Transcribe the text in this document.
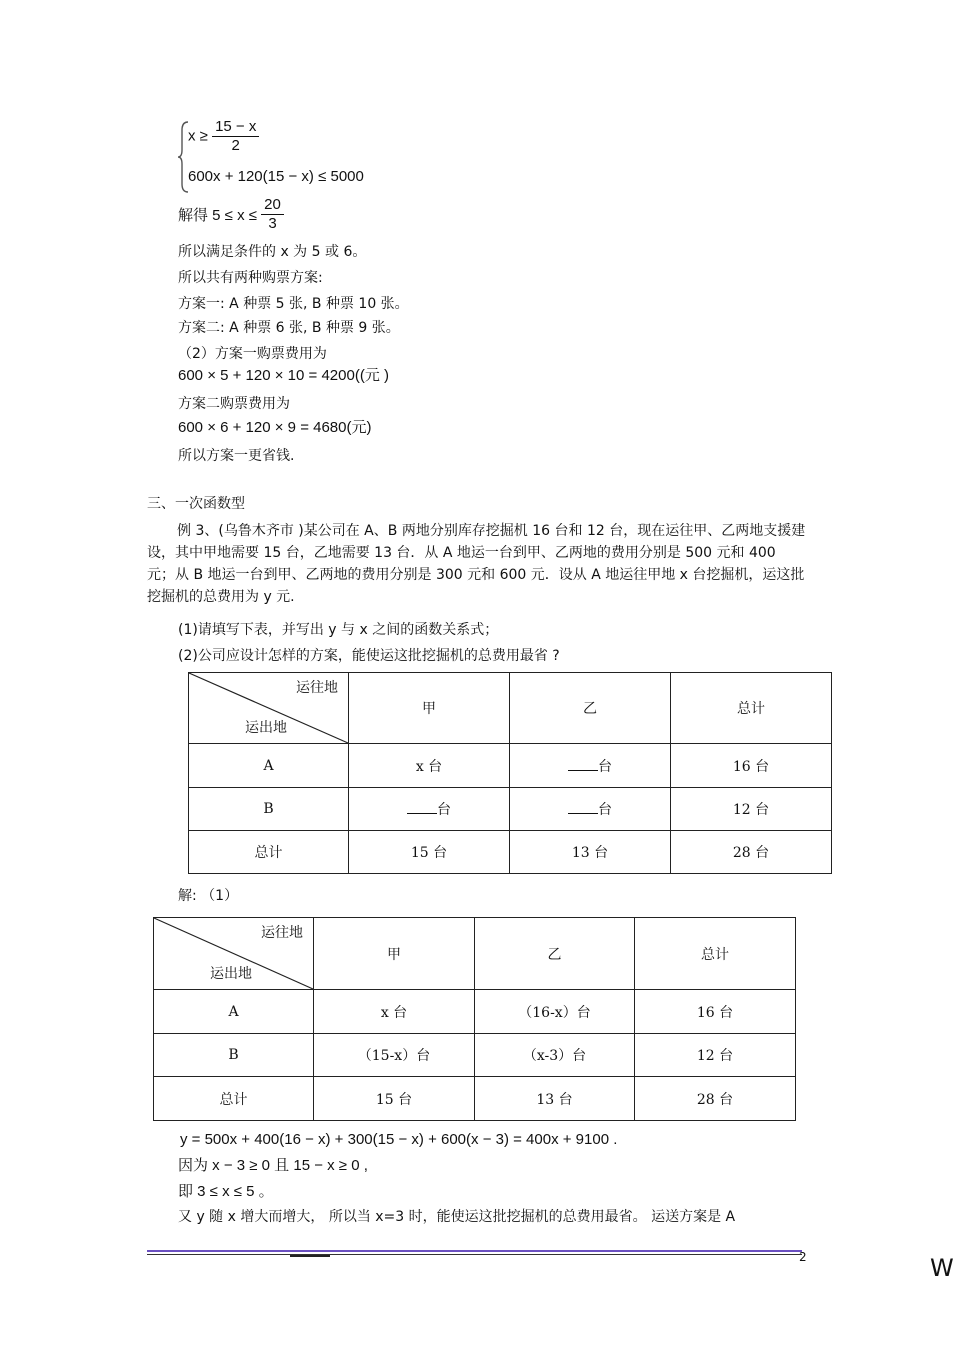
$x \ge \frac{15 - x}{2}$
600x + 120(15 − x) ≤ 5000
解得 $5 \le x \le \frac{20}{3}$
所以满足条件的 x 为 5 或 6。
所以共有两种购票方案:
方案一: A 种票 5 张, B 种票 10 张。
方案二: A 种票 6 张, B 种票 9 张。
（2）方案一购票费用为
600 × 5 + 120 × 10 = 4200((元 )
方案二购票费用为
600 × 6 + 120 × 9 = 4680(元)
所以方案一更省钱.
三、一次函数型
例 3、(乌鲁木齐市 )某公司在 A、B 两地分别库存挖掘机 16 台和 12 台，现在运往甲、乙两地支援建设，其中甲地需要 15 台，乙地需要 13 台．从 A 地运一台到甲、乙两地的费用分别是 500 元和 400 元；从 B 地运一台到甲、乙两地的费用分别是 300 元和 600 元．设从 A 地运往甲地 x 台挖掘机，运这批挖掘机的总费用为 y 元.
(1)请填写下表，并写出 y 与 x 之间的函数关系式；
(2)公司应设计怎样的方案，能使运这批挖掘机的总费用最省 ?
运往地
运出地	甲	乙	总计
A	x 台	台	16 台
B	台	台	12 台
总计	15 台	13 台	28 台
解: （1）
运往地
运出地	甲	乙	总计
A	x 台	（16-x）台	16 台
B	（15-x）台	（x-3）台	12 台
总计	15 台	13 台	28 台
y = 500x + 400(16 − x) + 300(15 − x) + 600(x − 3) = 400x + 9100 .
因为 x − 3 ≥ 0 且 15 − x ≥ 0 ,
即 3 ≤ x ≤ 5 。
又 y 随 x 增大而增大， 所以当 x=3 时，能使运这批挖掘机的总费用最省。 运送方案是 A
2	W
